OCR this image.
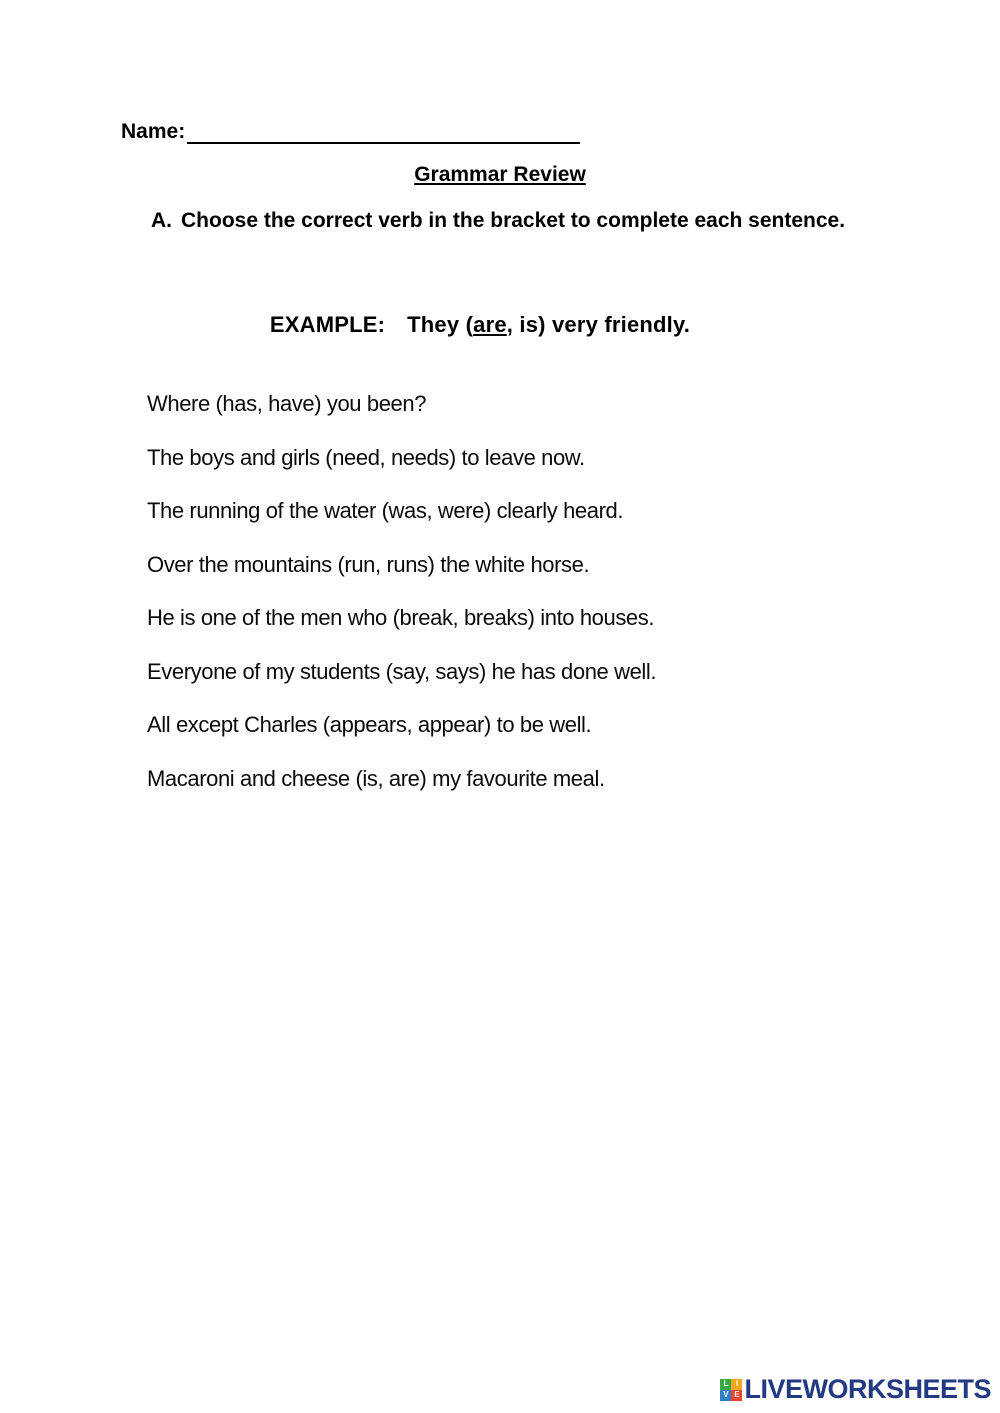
Name:
Grammar Review
A. Choose the correct verb in the bracket to complete each sentence.
EXAMPLE: They (are, is) very friendly.
Where (has, have) you been?
The boys and girls (need, needs) to leave now.
The running of the water (was, were) clearly heard.
Over the mountains (run, runs) the white horse.
He is one of the men who (break, breaks) into houses.
Everyone of my students (say, says) he has done well.
All except Charles (appears, appear) to be well.
Macaroni and cheese (is, are) my favourite meal.
L I
V E LIVEWORKSHEETS
